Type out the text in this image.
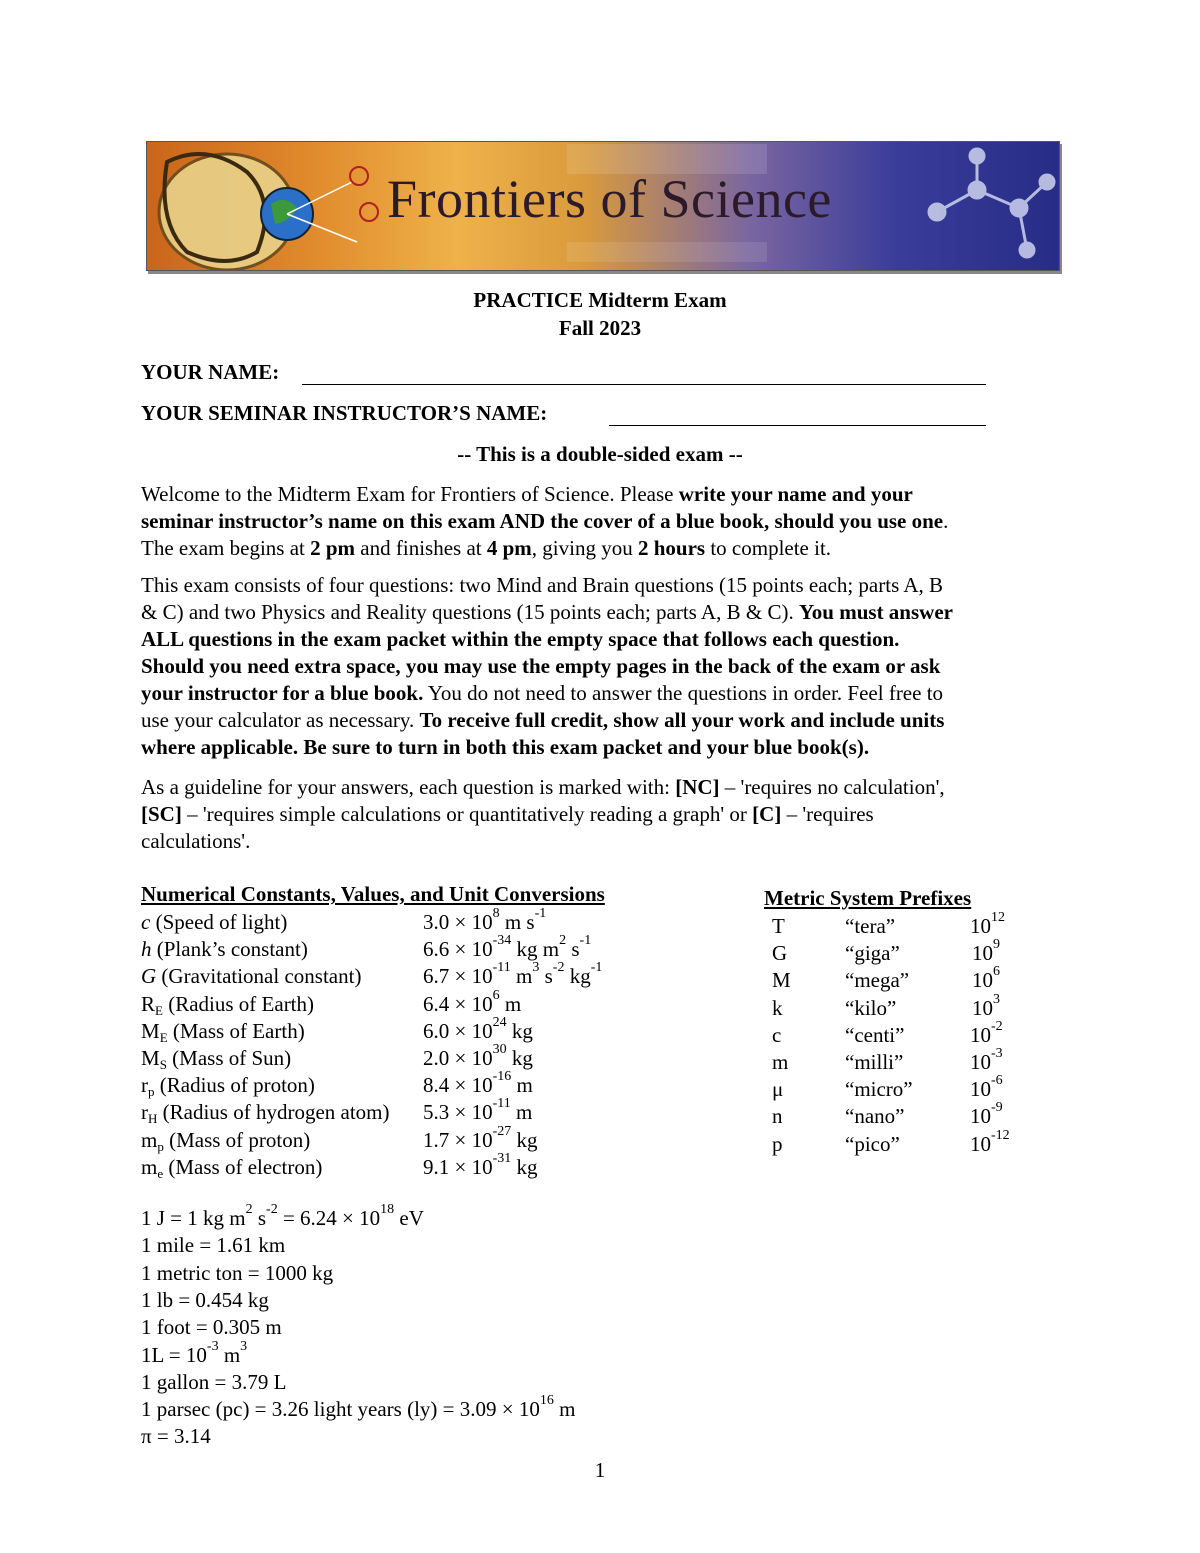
Frontiers of Science
PRACTICE Midterm Exam
Fall 2023
YOUR NAME:
YOUR SEMINAR INSTRUCTOR’S NAME:
-- This is a double-sided exam --
Welcome to the Midterm Exam for Frontiers of Science. Please write your name and your
seminar instructor’s name on this exam AND the cover of a blue book, should you use one.
The exam begins at 2 pm and finishes at 4 pm, giving you 2 hours to complete it.
This exam consists of four questions: two Mind and Brain questions (15 points each; parts A, B
& C) and two Physics and Reality questions (15 points each; parts A, B & C). You must answer
ALL questions in the exam packet within the empty space that follows each question.
Should you need extra space, you may use the empty pages in the back of the exam or ask
your instructor for a blue book. You do not need to answer the questions in order. Feel free to
use your calculator as necessary. To receive full credit, show all your work and include units
where applicable. Be sure to turn in both this exam packet and your blue book(s).
As a guideline for your answers, each question is marked with: [NC] – 'requires no calculation',
[SC] – 'requires simple calculations or quantitatively reading a graph' or [C] – 'requires
calculations'.
Numerical Constants, Values, and Unit Conversions
c (Speed of light)	$3.0 \times 10^8$ m $s^{-1}$
h (Plank’s constant)	$6.6 \times 10^{-34}$ kg $m^2$ $s^{-1}$
G (Gravitational constant)	$6.7 \times 10^{-11}$ $m^3$ $s^{-2}$ $kg^{-1}$
$R_E$ (Radius of Earth)	$6.4 \times 10^6$ m
$M_E$ (Mass of Earth)	$6.0 \times 10^{24}$ kg
$M_S$ (Mass of Sun)	$2.0 \times 10^{30}$ kg
$r_p$ (Radius of proton)	$8.4 \times 10^{-16}$ m
$r_H$ (Radius of hydrogen atom) $5.3 \times 10^{-11}$ m
$m_p$ (Mass of proton)	$1.7 \times 10^{-27}$ kg
$m_e$ (Mass of electron)	$9.1 \times 10^{-31}$ kg
Metric System Prefixes
T	“tera”	$10^{12}$
G	“giga”	$10^9$
M	“mega”	$10^6$
k	“kilo”	$10^3$
c	“centi”	$10^{-2}$
m	“milli”	$10^{-3}$
μ	“micro”	$10^{-6}$
n	“nano”	$10^{-9}$
p	“pico”	$10^{-12}$
1 J = 1 kg $m^2$ $s^{-2} = 6.24 \times 10^{18}$ eV
1 mile = 1.61 km
1 metric ton = 1000 kg
1 lb = 0.454 kg
1 foot = 0.305 m
$1L = 10^{-3}$ $m^3$
1 gallon = 3.79 L
1 parsec (pc) = 3.26 light years $(ly) = 3.09 \times 10^{16}$ m
π = 3.14
1
